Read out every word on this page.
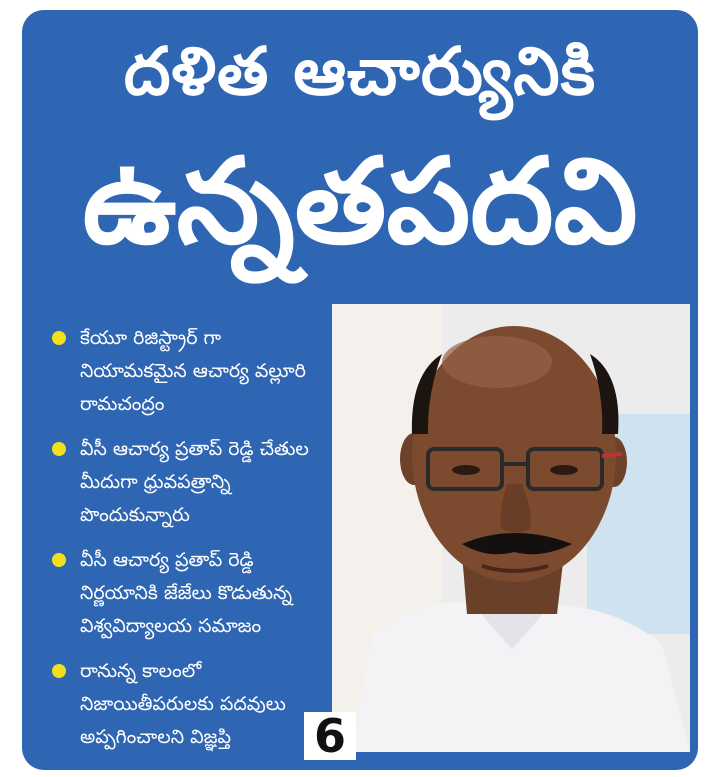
దళిత ఆచార్యునికి
ఉన్నతపదవి
కేయూ రిజిస్ట్రార్ గా నియామకమైన ఆచార్య వల్లూరి రామచంద్రం
వీసీ ఆచార్య ప్రతాప్ రెడ్డి చేతుల మీదుగా ధ్రువపత్రాన్ని పొందుకున్నారు
వీసీ ఆచార్య ప్రతాప్ రెడ్డి నిర్ణయానికి జేజేలు కొడుతున్న విశ్వవిద్యాలయ సమాజం
రానున్న కాలంలో నిజాయితీపరులకు పదవులు అప్పగించాలని విజ్ఞప్తి	6
